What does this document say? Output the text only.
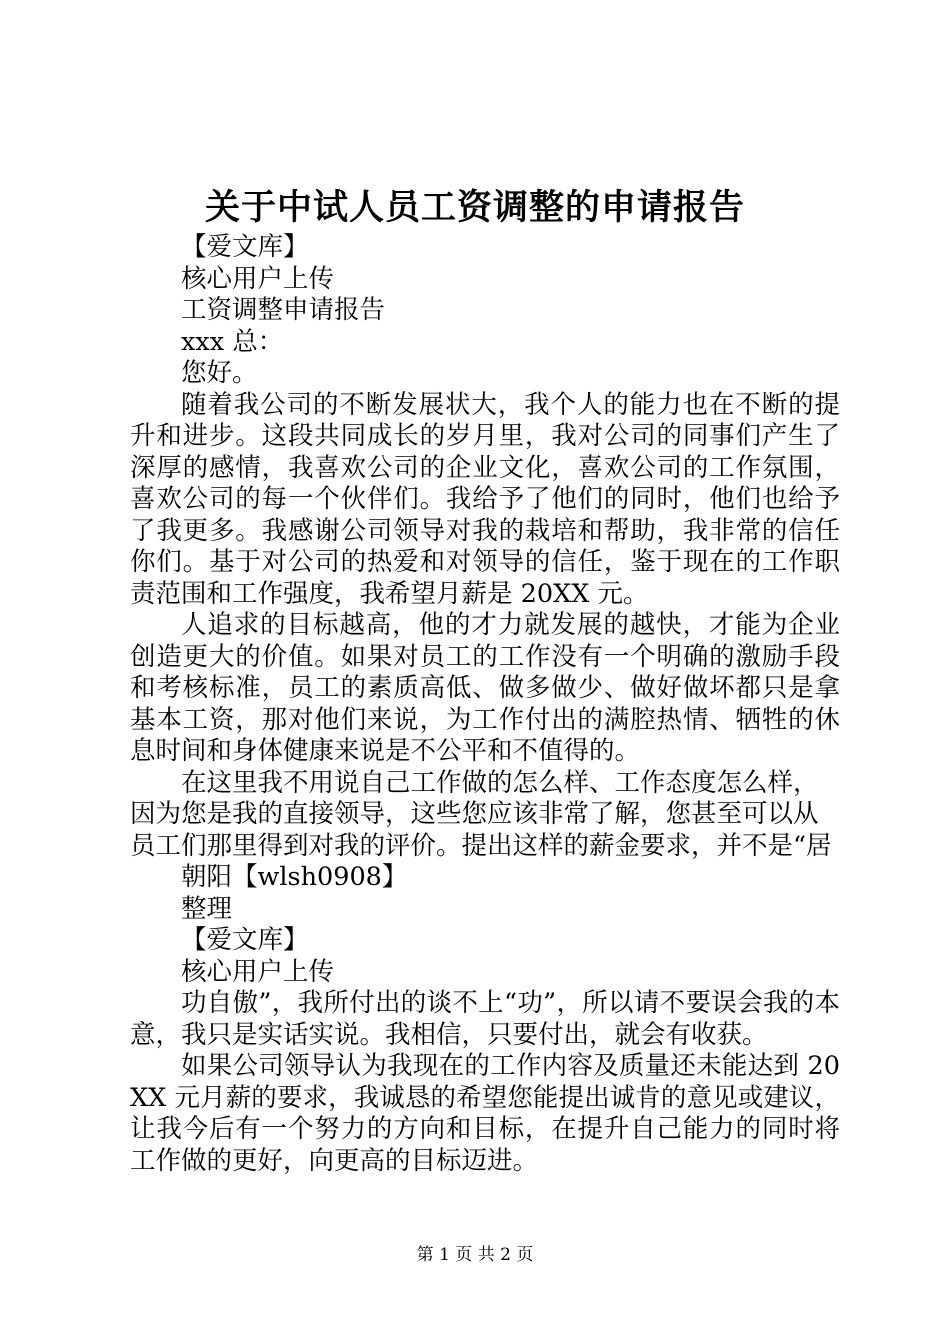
关于中试人员工资调整的申请报告
【爱文库】
核心用户上传
工资调整申请报告
xxx 总：
您好。
随着我公司的不断发展状大，我个人的能力也在不断的提升和进步。这段共同成长的岁月里，我对公司的同事们产生了深厚的感情，我喜欢公司的企业文化，喜欢公司的工作氛围，喜欢公司的每一个伙伴们。我给予了他们的同时，他们也给予了我更多。我感谢公司领导对我的栽培和帮助，我非常的信任你们。基于对公司的热爱和对领导的信任，鉴于现在的工作职责范围和工作强度，我希望月薪是 20XX 元。
人追求的目标越高，他的才力就发展的越快，才能为企业创造更大的价值。如果对员工的工作没有一个明确的激励手段和考核标准，员工的素质高低、做多做少、做好做坏都只是拿基本工资，那对他们来说，为工作付出的满腔热情、牺牲的休息时间和身体健康来说是不公平和不值得的。
在这里我不用说自己工作做的怎么样、工作态度怎么样，因为您是我的直接领导，这些您应该非常了解，您甚至可以从员工们那里得到对我的评价。提出这样的薪金要求，并不是“居
朝阳【wlsh0908】
整理
【爱文库】
核心用户上传
功自傲”，我所付出的谈不上“功”，所以请不要误会我的本意，我只是实话实说。我相信，只要付出，就会有收获。
如果公司领导认为我现在的工作内容及质量还未能达到 20XX 元月薪的要求，我诚恳的希望您能提出诚肯的意见或建议，让我今后有一个努力的方向和目标，在提升自己能力的同时将工作做的更好，向更高的目标迈进。
第 1 页 共 2 页
